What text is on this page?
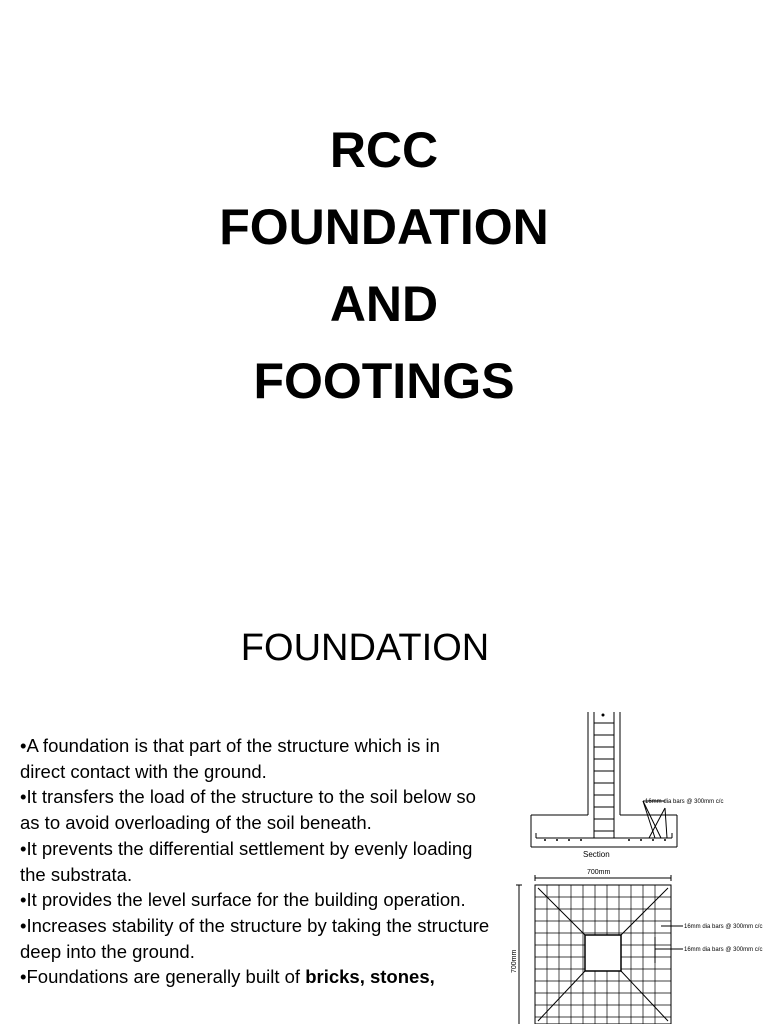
RCC
FOUNDATION
AND
FOOTINGS
FOUNDATION
•A foundation is that part of the structure which is in direct contact with the ground.
•It transfers the load of the structure to the soil below so as to avoid overloading of the soil beneath.
•It prevents the differential settlement by evenly loading the substrata.
•It provides the level surface for the building operation.
•Increases stability of the structure by taking the structure deep into the ground.
•Foundations are generally built of bricks, stones,
16mm dia bars @ 300mm c/c
Section
700mm
700mm
16mm dia bars @ 300mm c/c
16mm dia bars @ 300mm c/c
